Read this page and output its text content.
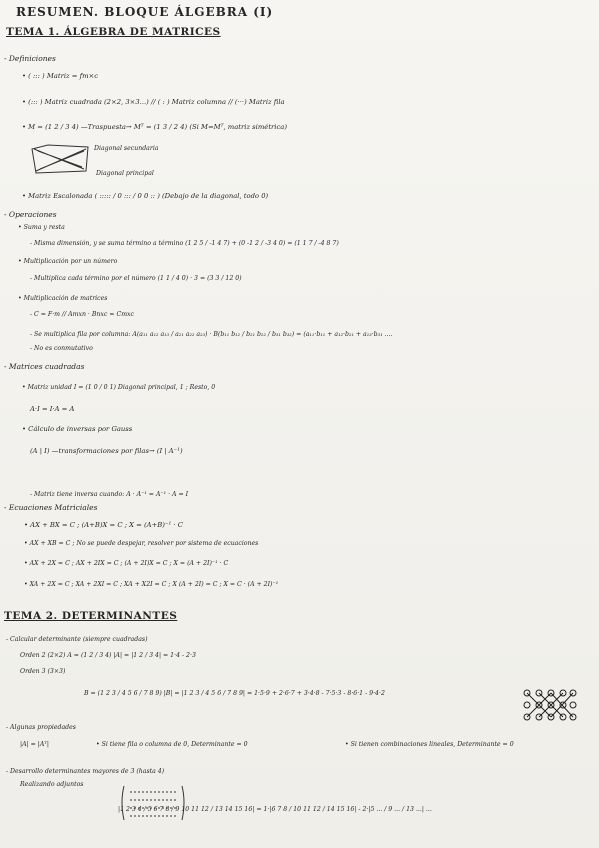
RESUMEN. BLOQUE ÁLGEBRA (I)
TEMA 1. ÁLGEBRA DE MATRICES
- Definiciones
• ( ::: ) Matriz = fm×c
• (::: ) Matriz cuadrada (2×2, 3×3...) // ( : ) Matriz columna // (···) Matriz fila
• M = (1 2 / 3 4) —Traspuesta→ Mᵀ = (1 3 / 2 4) (Si M=Mᵀ, matriz simétrica)
Diagonal secundaria
Diagonal principal
• Matriz Escalonada ( ::::: / 0 ::: / 0 0 :: ) (Debajo de la diagonal, todo 0)
- Operaciones
• Suma y resta
- Misma dimensión, y se suma término a término (1 2 5 / -1 4 7) + (0 -1 2 / -3 4 0) = (1 1 7 / -4 8 7)
• Multiplicación por un número
- Multiplica cada término por el número (1 1 / 4 0) · 3 = (3 3 / 12 0)
• Multiplicación de matrices
- C = F·m // Amxn · Bnxc = Cmxc
- Se multiplica fila por columna: A(a₁₁ a₁₂ a₁₃ / a₂₁ a₂₂ a₂₃) · B(b₁₁ b₁₂ / b₂₁ b₂₂ / b₃₁ b₃₂) = (a₁₁·b₁₁ + a₁₂·b₂₁ + a₁₃·b₃₁ ....
- No es conmutativo
- Matrices cuadradas
• Matriz unidad I = (1 0 / 0 1) Diagonal principal, 1 ; Resto, 0
A·I = I·A = A
• Cálculo de inversas por Gauss
(A | I) —transformaciones por filas→ (I | A⁻¹)
- Matriz tiene inversa cuando: A · A⁻¹ = A⁻¹ · A = I
- Ecuaciones Matriciales
• AX + BX = C ; (A+B)X = C ; X = (A+B)⁻¹ · C
• AX + XB = C ; No se puede despejar, resolver por sistema de ecuaciones
• AX + 2X = C ; AX + 2IX = C ; (A + 2I)X = C ; X = (A + 2I)⁻¹ · C
• XA + 2X = C ; XA + 2XI = C ; XA + X2I = C ; X (A + 2I) = C ; X = C · (A + 2I)⁻¹
TEMA 2. DETERMINANTES
- Calcular determinante (siempre cuadradas)
Orden 2 (2×2) A = (1 2 / 3 4) |A| = |1 2 / 3 4| = 1·4 - 2·3
Orden 3 (3×3)
B = (1 2 3 / 4 5 6 / 7 8 9) |B| = |1 2 3 / 4 5 6 / 7 8 9| = 1·5·9 + 2·6·7 + 3·4·8 - 7·5·3 - 8·6·1 - 9·4·2
- Algunas propiedades
|A| = |Aᵀ|	• Si tiene fila o columna de 0, Determinante = 0	• Si tienen combinaciones lineales, Determinante = 0
- Desarrollo determinantes mayores de 3 (hasta 4)
Realizando adjuntos
|1 2 3 4 / 5 6 7 8 / 9 10 11 12 / 13 14 15 16| = 1·|6 7 8 / 10 11 12 / 14 15 16| - 2·|5 ... / 9 ... / 13 ...| ...
